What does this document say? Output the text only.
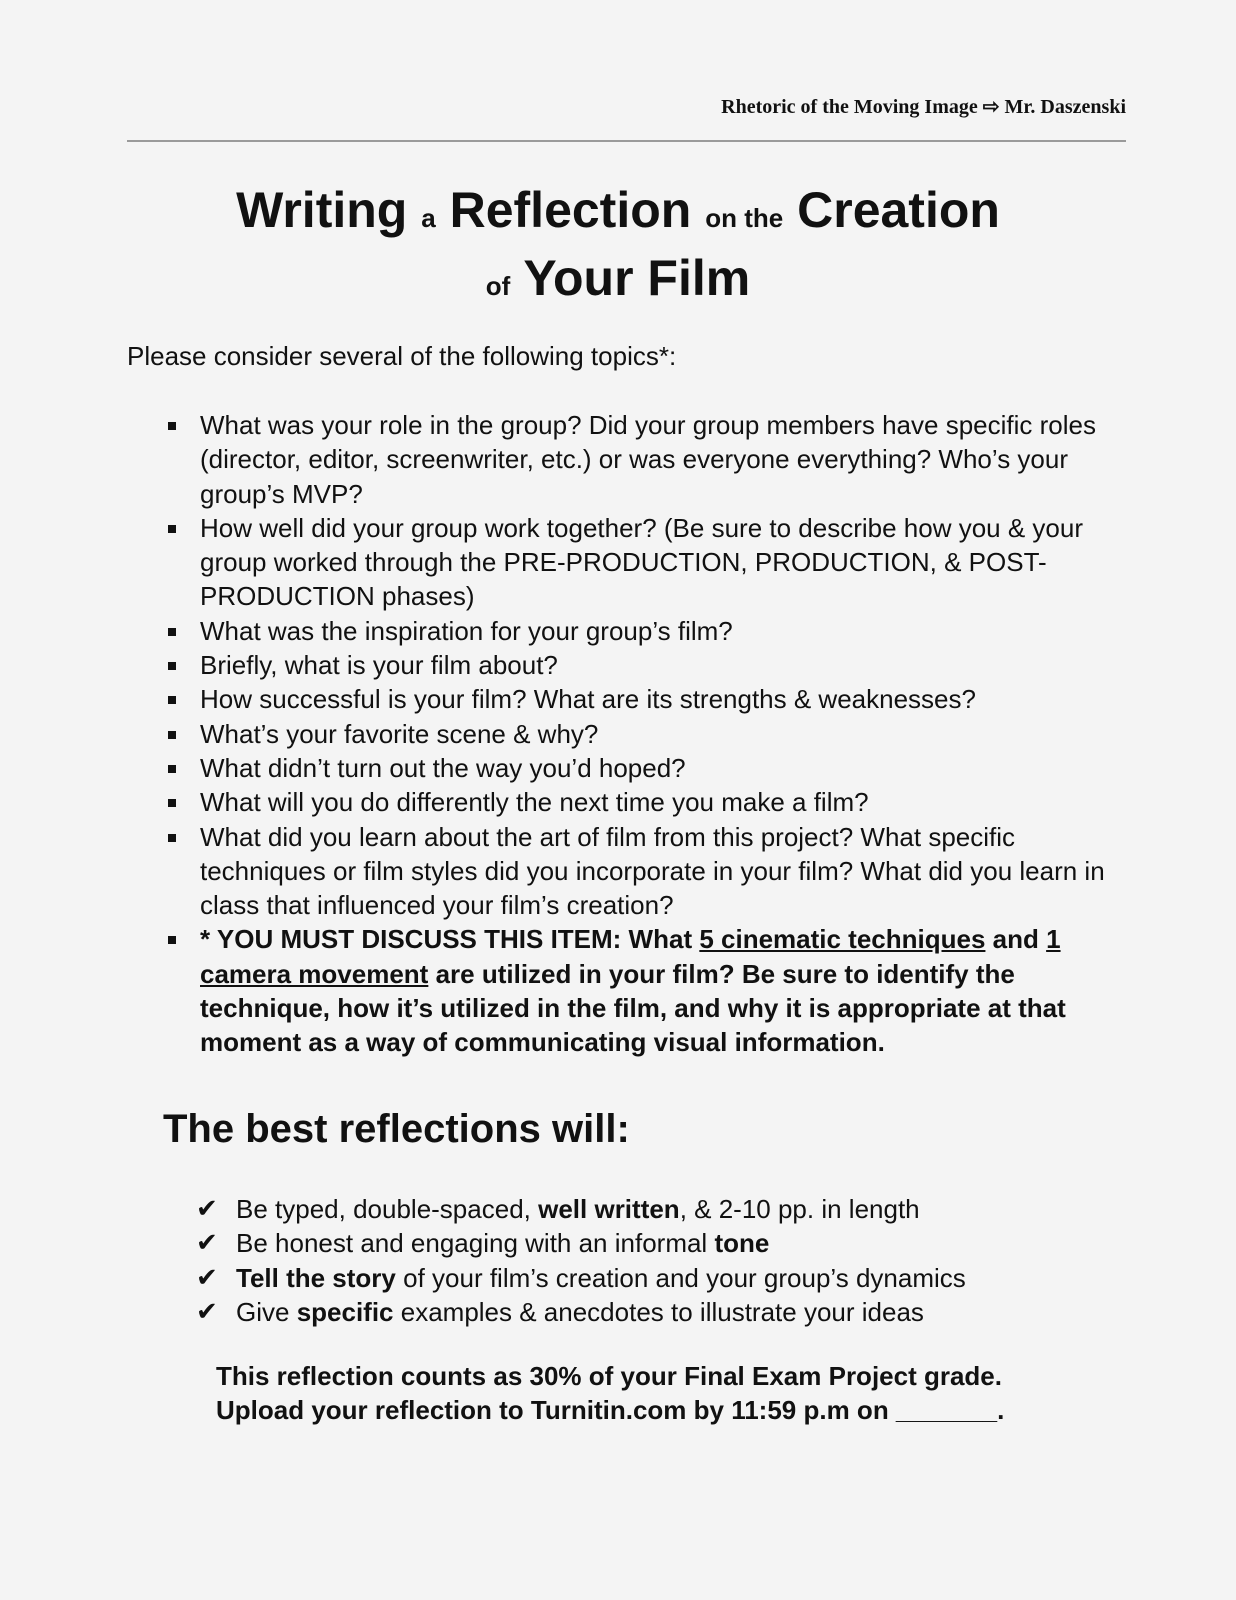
Rhetoric of the Moving Image ⇨ Mr. Daszenski
Writing a Reflection on the Creation
of Your Film
Please consider several of the following topics*:
What was your role in the group? Did your group members have specific roles (director, editor, screenwriter, etc.) or was everyone everything? Who’s your group’s MVP?
How well did your group work together? (Be sure to describe how you & your group worked through the PRE-PRODUCTION, PRODUCTION, & POST-PRODUCTION phases)
What was the inspiration for your group’s film?
Briefly, what is your film about?
How successful is your film? What are its strengths & weaknesses?
What’s your favorite scene & why?
What didn’t turn out the way you’d hoped?
What will you do differently the next time you make a film?
What did you learn about the art of film from this project? What specific techniques or film styles did you incorporate in your film? What did you learn in class that influenced your film’s creation?
* YOU MUST DISCUSS THIS ITEM: What 5 cinematic techniques and 1 camera movement are utilized in your film? Be sure to identify the technique, how it’s utilized in the film, and why it is appropriate at that moment as a way of communicating visual information.
The best reflections will:
✔ Be typed, double-spaced, well written, & 2-10 pp. in length
✔ Be honest and engaging with an informal tone
✔ Tell the story of your film’s creation and your group’s dynamics
✔ Give specific examples & anecdotes to illustrate your ideas
This reflection counts as 30% of your Final Exam Project grade.
Upload your reflection to Turnitin.com by 11:59 p.m on _______.
